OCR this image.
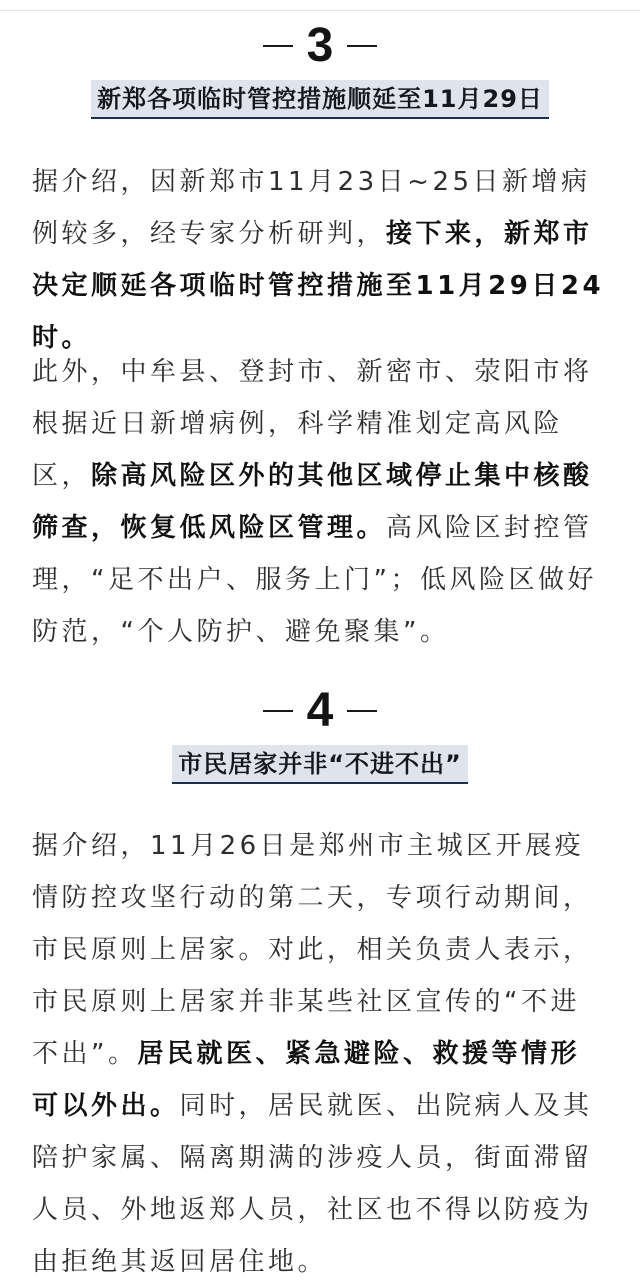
3
新郑各项临时管控措施顺延至11月29日

据介绍，因新郑市11月23日~25日新增病例较多，经专家分析研判，接下来，新郑市决定顺延各项临时管控措施至11月29日24时。

此外，中牟县、登封市、新密市、荥阳市将根据近日新增病例，科学精准划定高风险区，除高风险区外的其他区域停止集中核酸筛查，恢复低风险区管理。高风险区封控管理，“足不出户、服务上门”；低风险区做好防范，“个人防护、避免聚集”。

4
市民居家并非“不进不出”

据介绍，11月26日是郑州市主城区开展疫情防控攻坚行动的第二天，专项行动期间，市民原则上居家。对此，相关负责人表示，市民原则上居家并非某些社区宣传的“不进不出”。居民就医、紧急避险、救援等情形可以外出。同时，居民就医、出院病人及其陪护家属、隔离期满的涉疫人员，街面滞留人员、外地返郑人员，社区也不得以防疫为由拒绝其返回居住地。
